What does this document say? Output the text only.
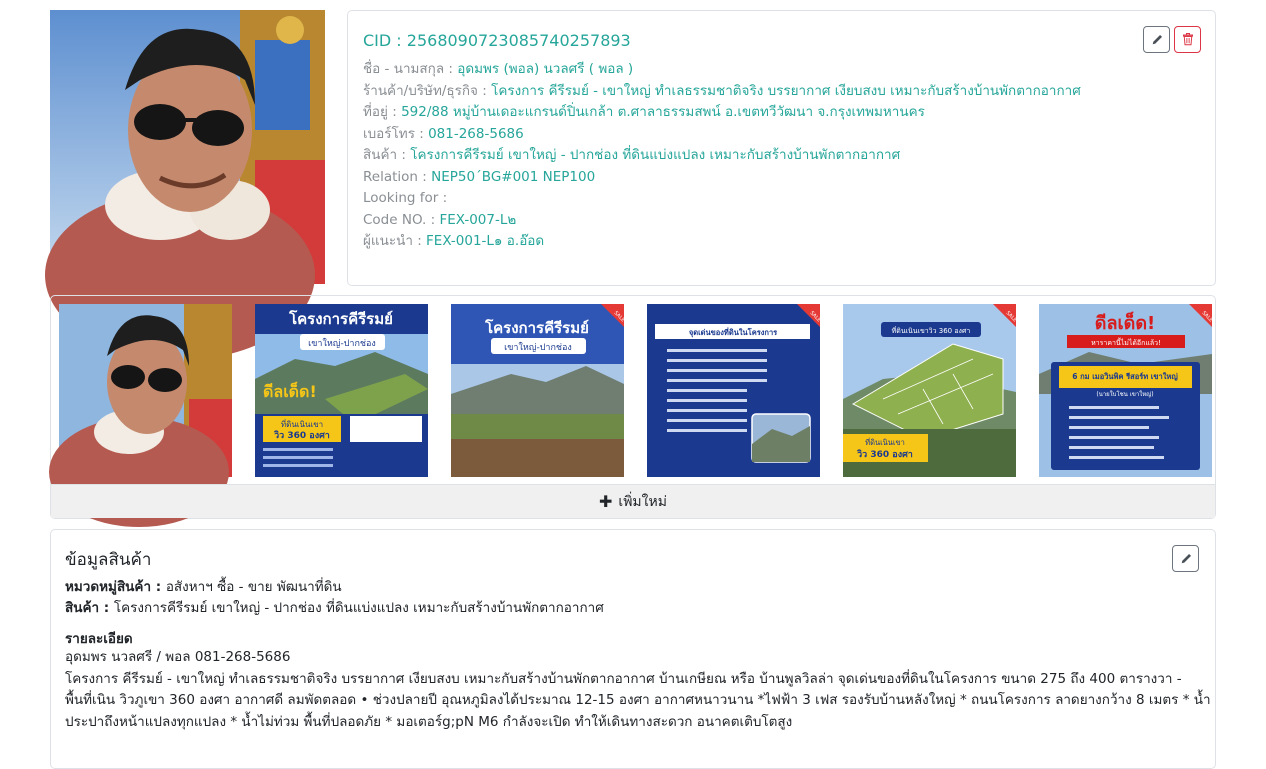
CID : 2568090723085740257893
ชื่อ - นามสกุล : อุดมพร (พอล) นวลศรี ( พอล )
ร้านค้า/บริษัท/ธุรกิจ : โครงการ คีรีรมย์ - เขาใหญ่ ทำเลธรรมชาติจริง บรรยากาศ เงียบสงบ เหมาะกับสร้างบ้านพักตากอากาศ
ที่อยู่ : 592/88 หมู่บ้านเดอะแกรนด์ปิ่นเกล้า ต.ศาลาธรรมสพน์ อ.เขตทวีวัฒนา จ.กรุงเทพมหานคร
เบอร์โทร : 081-268-5686
สินค้า : โครงการคีรีรมย์ เขาใหญ่ - ปากช่อง ที่ดินแบ่งแปลง เหมาะกับสร้างบ้านพักตากอากาศ
Relation : NEP50´BG#001 NEP100
Looking for :
Code NO. : FEX-007-L๒
ผู้แนะนำ : FEX-001-L๑ อ.อ๊อด
โครงการคีรีรมย์
เขาใหญ่-ปากช่อง
ดีลเด็ด!
ที่ดินเนินเขา
วิว 360 องศา
โครงการคีรีรมย์
เขาใหญ่-ปากช่อง
SALE
จุดเด่นของที่ดินในโครงการ
SALE
ที่ดินเนินเขาวิว 360 องศา
ที่ดินเนินเขา
วิว 360 องศา
SALE	ดีลเด็ด!
หาราคานี้ไม่ได้อีกแล้ว!
6 กม เมอวินพิค รีสอร์ท เขาใหญ่
(นายใบโชน เขาใหญ่)
SALE
✚ เพิ่มใหม่
ข้อมูลสินค้า
หมวดหมู่สินค้า : อสังหาฯ ซื้อ - ขาย พัฒนาที่ดิน
สินค้า : โครงการคีรีรมย์ เขาใหญ่ - ปากช่อง ที่ดินแบ่งแปลง เหมาะกับสร้างบ้านพักตากอากาศ
รายละเอียด
อุดมพร นวลศรี / พอล 081-268-5686
โครงการ คีรีรมย์ - เขาใหญ่ ทำเลธรรมชาติจริง บรรยากาศ เงียบสงบ เหมาะกับสร้างบ้านพักตากอากาศ บ้านเกษียณ หรือ บ้านพูลวิลล่า จุดเด่นของที่ดินในโครงการ ขนาด 275 ถึง 400 ตารางวา - พื้นที่เนิน วิวภูเขา 360 องศา อากาศดี ลมพัดตลอด • ช่วงปลายปี อุณหภูมิลงได้ประมาณ 12-15 องศา อากาศหนาวนาน *ไฟฟ้า 3 เฟส รองรับบ้านหลังใหญ่ * ถนนโครงการ ลาดยางกว้าง 8 เมตร * น้ำประปาถึงหน้าแปลงทุกแปลง * น้ำไม่ท่วม พื้นที่ปลอดภัย * มอเตอร์g;pN M6 กำลังจะเปิด ทำให้เดินทางสะดวก อนาคตเติบโตสูง
